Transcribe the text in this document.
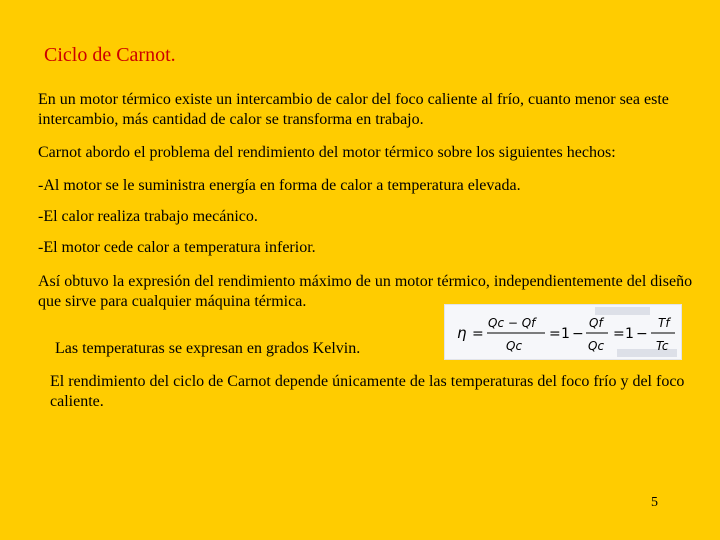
Ciclo de Carnot.

En un motor térmico existe un intercambio de calor del foco caliente al frío, cuanto menor sea este intercambio, más cantidad de calor se transforma en trabajo.

Carnot abordo el problema del rendimiento del motor térmico sobre los siguientes hechos:

-Al motor se le suministra energía en forma de calor a temperatura elevada.

-El calor realiza trabajo mecánico.

-El motor cede calor a temperatura inferior.

Así obtuvo la expresión del rendimiento máximo de un motor térmico, independientemente del diseño que sirve para cualquier máquina térmica.

Las temperaturas se expresan en grados Kelvin.

El rendimiento del ciclo de Carnot depende únicamente de las temperaturas del foco frío y del foco caliente.

η =
Qc − Qf
Qc
= 1 −
Qf
Qc
= 1 −
Tf
Tc
5
